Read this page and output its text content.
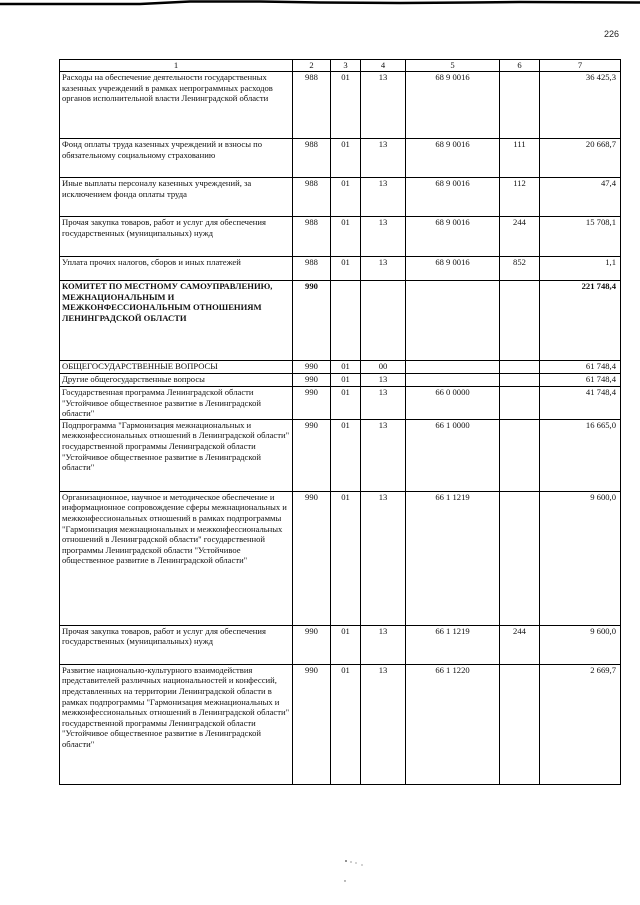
226
1	2	3	4	5	6	7
Расходы на обеспечение деятельности государственных казенных учреждений в рамках непрограммных расходов органов исполнительной власти Ленинградской области	988	01	13	68 9 0016		36 425,3
Фонд оплаты труда казенных учреждений и взносы по обязательному социальному страхованию	988	01	13	68 9 0016	111	20 668,7
Иные выплаты персоналу казенных учреждений, за исключением фонда оплаты труда	988	01	13	68 9 0016	112	47,4
Прочая закупка товаров, работ и услуг для обеспечения государственных (муниципальных) нужд	988	01	13	68 9 0016	244	15 708,1
Уплата прочих налогов, сборов и иных платежей	988	01	13	68 9 0016	852	1,1
КОМИТЕТ ПО МЕСТНОМУ САМОУПРАВЛЕНИЮ, МЕЖНАЦИОНАЛЬНЫМ И МЕЖКОНФЕССИОНАЛЬНЫМ ОТНОШЕНИЯМ ЛЕНИНГРАДСКОЙ ОБЛАСТИ	990					221 748,4
ОБЩЕГОСУДАРСТВЕННЫЕ ВОПРОСЫ	990	01	00			61 748,4
Другие общегосударственные вопросы	990	01	13			61 748,4
Государственная программа Ленинградской области "Устойчивое общественное развитие в Ленинградской области"	990	01	13	66 0 0000		41 748,4
Подпрограмма "Гармонизация межнациональных и межконфессиональных отношений в Ленинградской области" государственной программы Ленинградской области "Устойчивое общественное развитие в Ленинградской области"	990	01	13	66 1 0000		16 665,0
Организационное, научное и методическое обеспечение и информационное сопровождение сферы межнациональных и межконфессиональных отношений в рамках подпрограммы "Гармонизация межнациональных и межконфессиональных отношений в Ленинградской области" государственной программы Ленинградской области "Устойчивое общественное развитие в Ленинградской области"	990	01	13	66 1 1219		9 600,0
Прочая закупка товаров, работ и услуг для обеспечения государственных (муниципальных) нужд	990	01	13	66 1 1219	244	9 600,0
Развитие национально-культурного взаимодействия представителей различных национальностей и конфессий, представленных на территории Ленинградской области в рамках подпрограммы "Гармонизация межнациональных и межконфессиональных отношений в Ленинградской области" государственной программы Ленинградской области "Устойчивое общественное развитие в Ленинградской области"	990	01	13	66 1 1220		2 669,7
